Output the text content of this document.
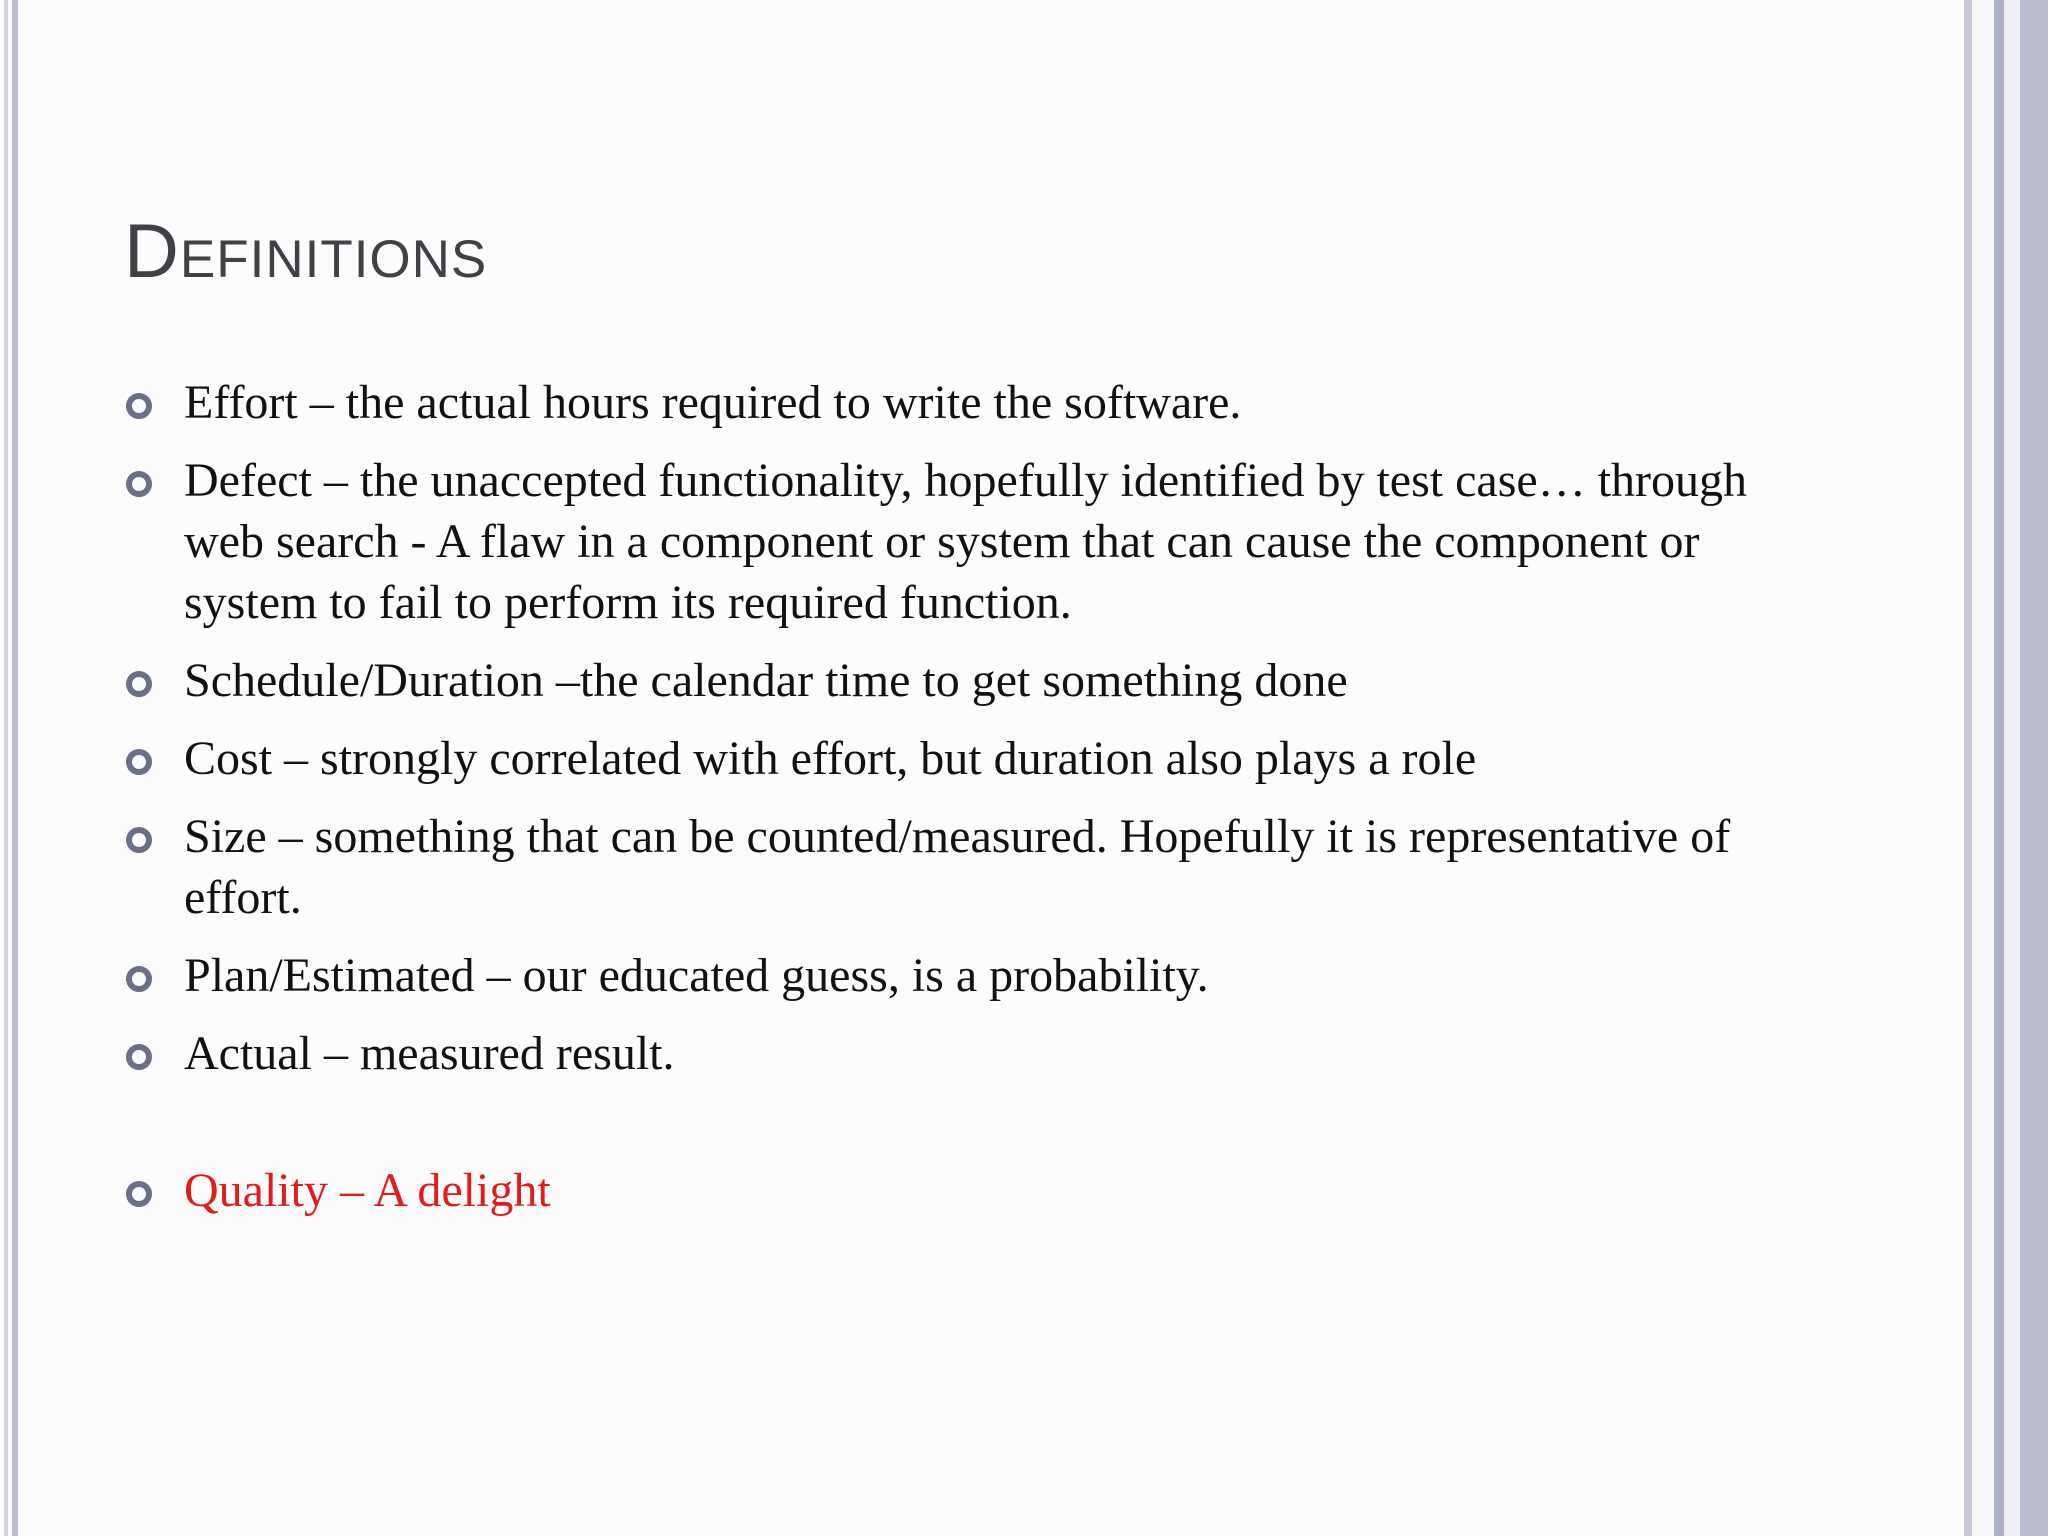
Definitions
Effort – the actual hours required to write the software.
Defect – the unaccepted functionality, hopefully identified by test case… through web search - A flaw in a component or system that can cause the component or system to fail to perform its required function.
Schedule/Duration –the calendar time to get something done
Cost – strongly correlated with effort, but duration also plays a role
Size – something that can be counted/measured. Hopefully it is representative of effort.
Plan/Estimated – our educated guess, is a probability.
Actual – measured result.
Quality – A delight
